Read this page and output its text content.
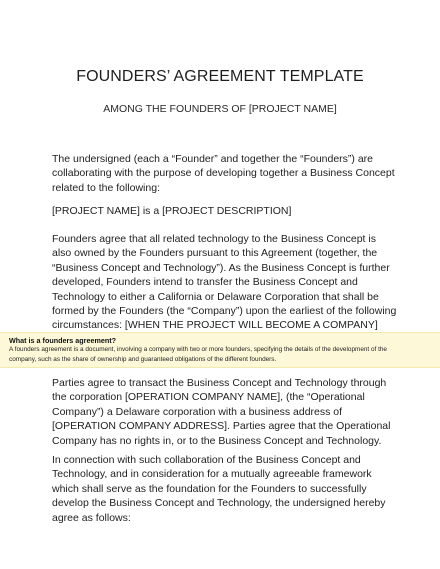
FOUNDERS’ AGREEMENT TEMPLATE
AMONG THE FOUNDERS OF [PROJECT NAME]

The undersigned (each a “Founder” and together the “Founders”) are collaborating with the purpose of developing together a Business Concept related to the following:

[PROJECT NAME] is a [PROJECT DESCRIPTION]

Founders agree that all related technology to the Business Concept is also owned by the Founders pursuant to this Agreement (together, the “Business Concept and Technology”). As the Business Concept is further developed, Founders intend to transfer the Business Concept and Technology to either a California or Delaware Corporation that shall be formed by the Founders (the “Company”) upon the earliest of the following circumstances: [WHEN THE PROJECT WILL BECOME A COMPANY]

What is a founders agreement?
A founders agreement is a document, involving a company with two or more founders, specifying the details of the development of the company, such as the share of ownership and guaranteed obligations of the different founders.

Parties agree to transact the Business Concept and Technology through the corporation [OPERATION COMPANY NAME], (the “Operational Company”) a Delaware corporation with a business address of [OPERATION COMPANY ADDRESS]. Parties agree that the Operational Company has no rights in, or to the Business Concept and Technology.

In connection with such collaboration of the Business Concept and Technology, and in consideration for a mutually agreeable framework which shall serve as the foundation for the Founders to successfully develop the Business Concept and Technology, the undersigned hereby agree as follows:
